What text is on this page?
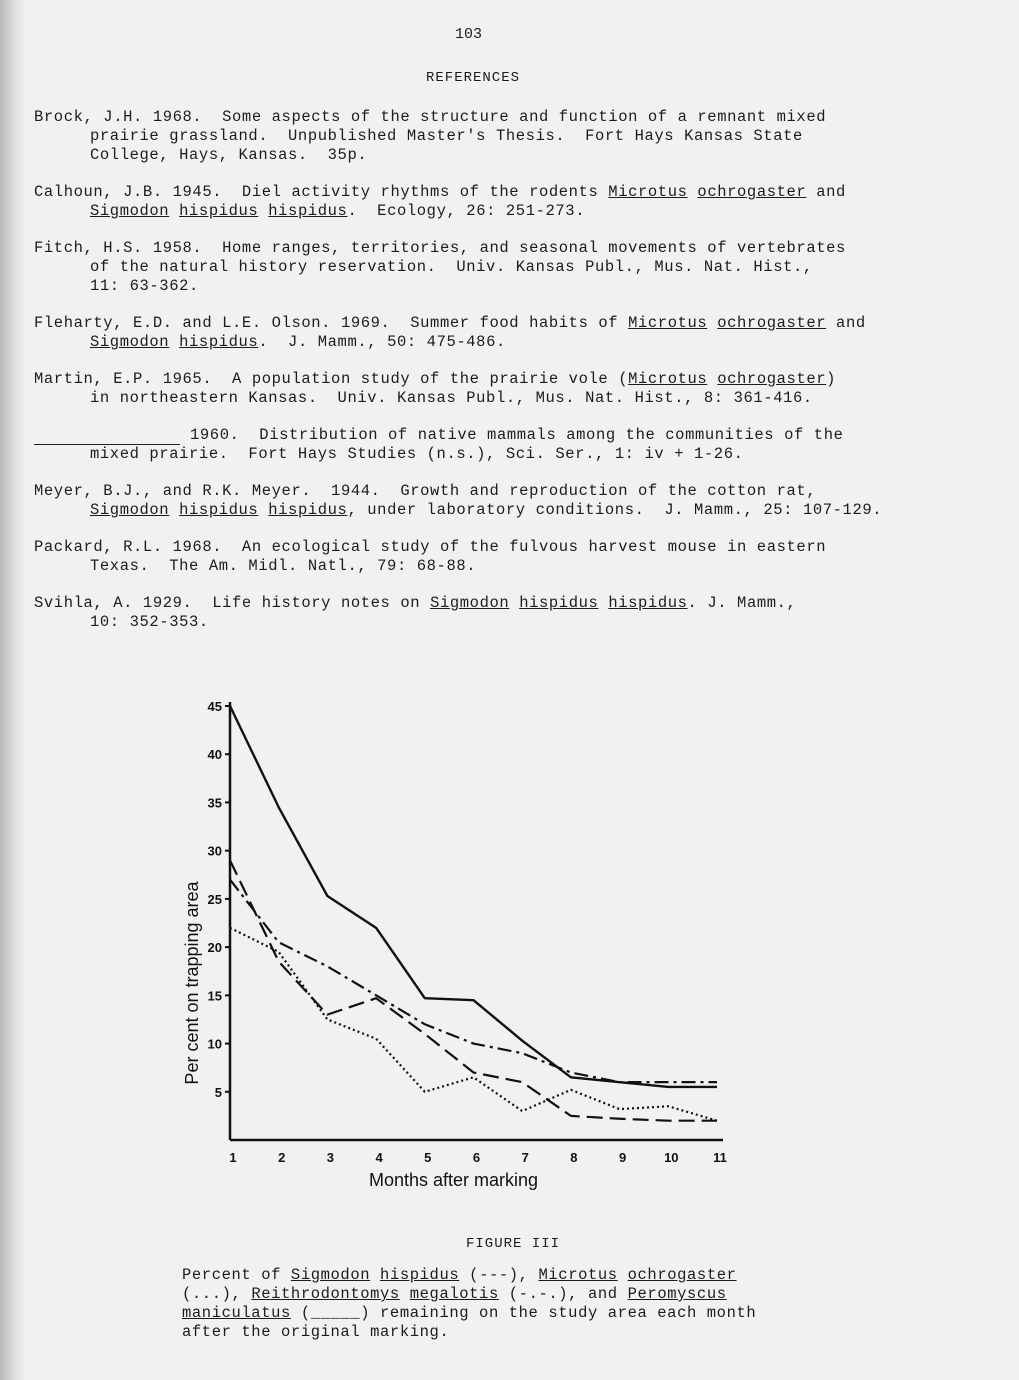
103
REFERENCES
Brock, J.H. 1968.  Some aspects of the structure and function of a remnant mixed
prairie grassland.  Unpublished Master's Thesis.  Fort Hays Kansas State
College, Hays, Kansas.  35p.
Calhoun, J.B. 1945.  Diel activity rhythms of the rodents Microtus ochrogaster and
Sigmodon hispidus hispidus.  Ecology, 26: 251-273.
Fitch, H.S. 1958.  Home ranges, territories, and seasonal movements of vertebrates
of the natural history reservation.  Univ. Kansas Publ., Mus. Nat. Hist.,
11: 63-362.
Fleharty, E.D. and L.E. Olson. 1969.  Summer food habits of Microtus ochrogaster and
Sigmodon hispidus.  J. Mamm., 50: 475-486.
Martin, E.P. 1965.  A population study of the prairie vole (Microtus ochrogaster)
in northeastern Kansas.  Univ. Kansas Publ., Mus. Nat. Hist., 8: 361-416.
1960.  Distribution of native mammals among the communities of the
mixed prairie.  Fort Hays Studies (n.s.), Sci. Ser., 1: iv + 1-26.
Meyer, B.J., and R.K. Meyer.  1944.  Growth and reproduction of the cotton rat,
Sigmodon hispidus hispidus, under laboratory conditions.  J. Mamm., 25: 107-129.
Packard, R.L. 1968.  An ecological study of the fulvous harvest mouse in eastern
Texas.  The Am. Midl. Natl., 79: 68-88.
Svihla, A. 1929.  Life history notes on Sigmodon hispidus hispidus. J. Mamm.,
10: 352-353.
5
10
15
20
25
30
35
40
45
1	2	3	4	5	6	7	8	9	10	11
Months after marking
Per cent on trapping area
FIGURE III
Percent of Sigmodon hispidus (---), Microtus ochrogaster
(...), Reithrodontomys megalotis (-.-.), and Peromyscus
maniculatus (_____) remaining on the study area each month
after the original marking.
